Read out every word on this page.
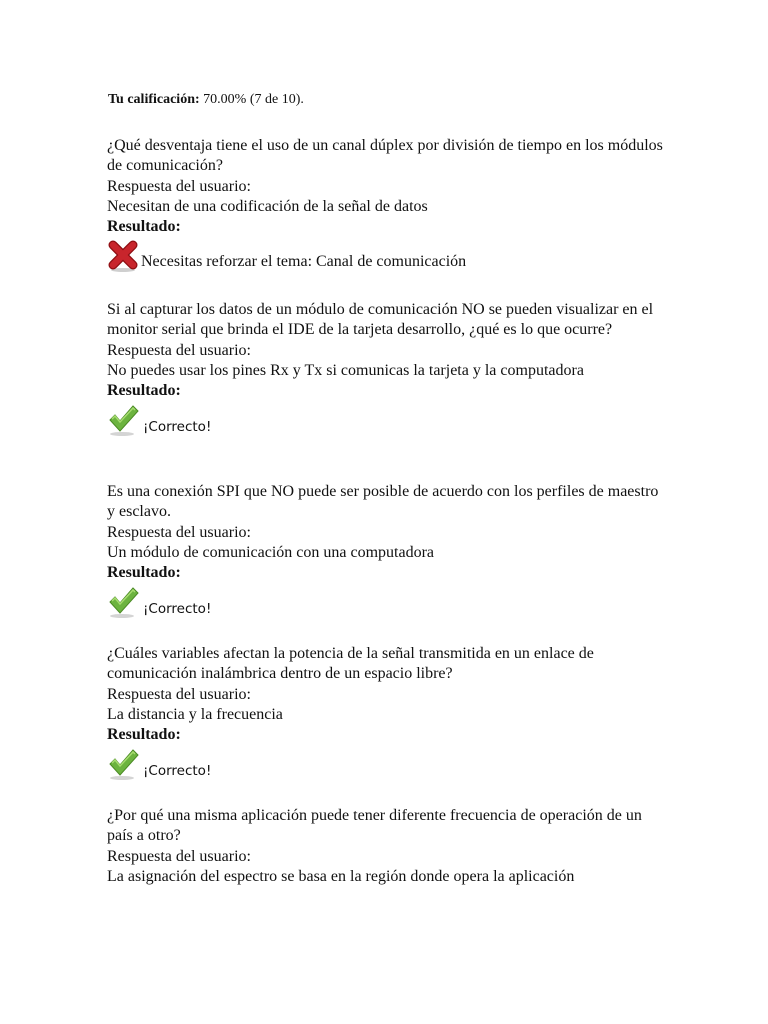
Tu calificación: 70.00% (7 de 10).

¿Qué desventaja tiene el uso de un canal dúplex por división de tiempo en los módulos de comunicación?

Respuesta del usuario:

Necesitan de una codificación de la señal de datos

Resultado:

Necesitas reforzar el tema: Canal de comunicación

Si al capturar los datos de un módulo de comunicación NO se pueden visualizar en el monitor serial que brinda el IDE de la tarjeta desarrollo, ¿qué es lo que ocurre?

Respuesta del usuario:

No puedes usar los pines Rx y Tx si comunicas la tarjeta y la computadora

Resultado:

¡Correcto!

Es una conexión SPI que NO puede ser posible de acuerdo con los perfiles de maestro y esclavo.

Respuesta del usuario:

Un módulo de comunicación con una computadora

Resultado:

¡Correcto!

¿Cuáles variables afectan la potencia de la señal transmitida en un enlace de comunicación inalámbrica dentro de un espacio libre?

Respuesta del usuario:

La distancia y la frecuencia

Resultado:

¡Correcto!

¿Por qué una misma aplicación puede tener diferente frecuencia de operación de un país a otro?

Respuesta del usuario:

La asignación del espectro se basa en la región donde opera la aplicación
